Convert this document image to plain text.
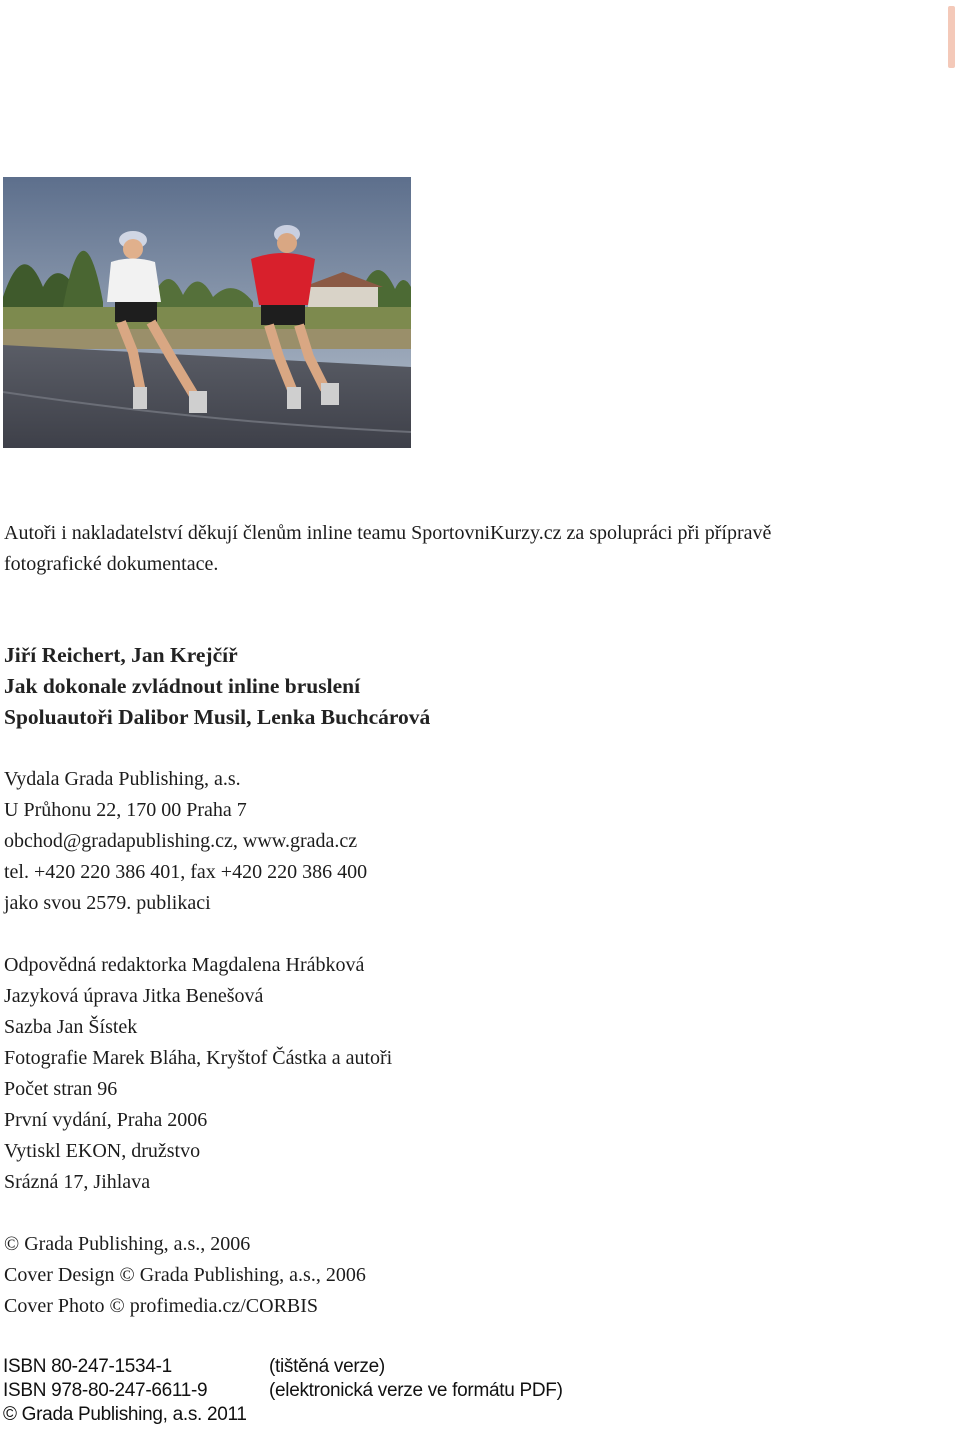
Autoři i nakladatelství děkují členům inline teamu SportovniKurzy.cz za spolupráci při přípravě

fotografické dokumentace.

Jiří Reichert, Jan Krejčíř
Jak dokonale zvládnout inline bruslení
Spoluautoři Dalibor Musil, Lenka Buchcárová
Vydala Grada Publishing, a.s.
U Průhonu 22, 170 00 Praha 7
obchod@gradapublishing.cz, www.grada.cz
tel. +420 220 386 401, fax +420 220 386 400
jako svou 2579. publikaci
Odpovědná redaktorka Magdalena Hrábková
Jazyková úprava Jitka Benešová
Sazba Jan Šístek
Fotografie Marek Bláha, Kryštof Částka a autoři
Počet stran 96
První vydání, Praha 2006
Vytiskl EKON, družstvo
Srázná 17, Jihlava
© Grada Publishing, a.s., 2006
Cover Design © Grada Publishing, a.s., 2006
Cover Photo © profimedia.cz/CORBIS
ISBN 80-247-1534-1	(tištěná verze)
ISBN 978-80-247-6611-9	(elektronická verze ve formátu PDF)
© Grada Publishing, a.s. 2011
